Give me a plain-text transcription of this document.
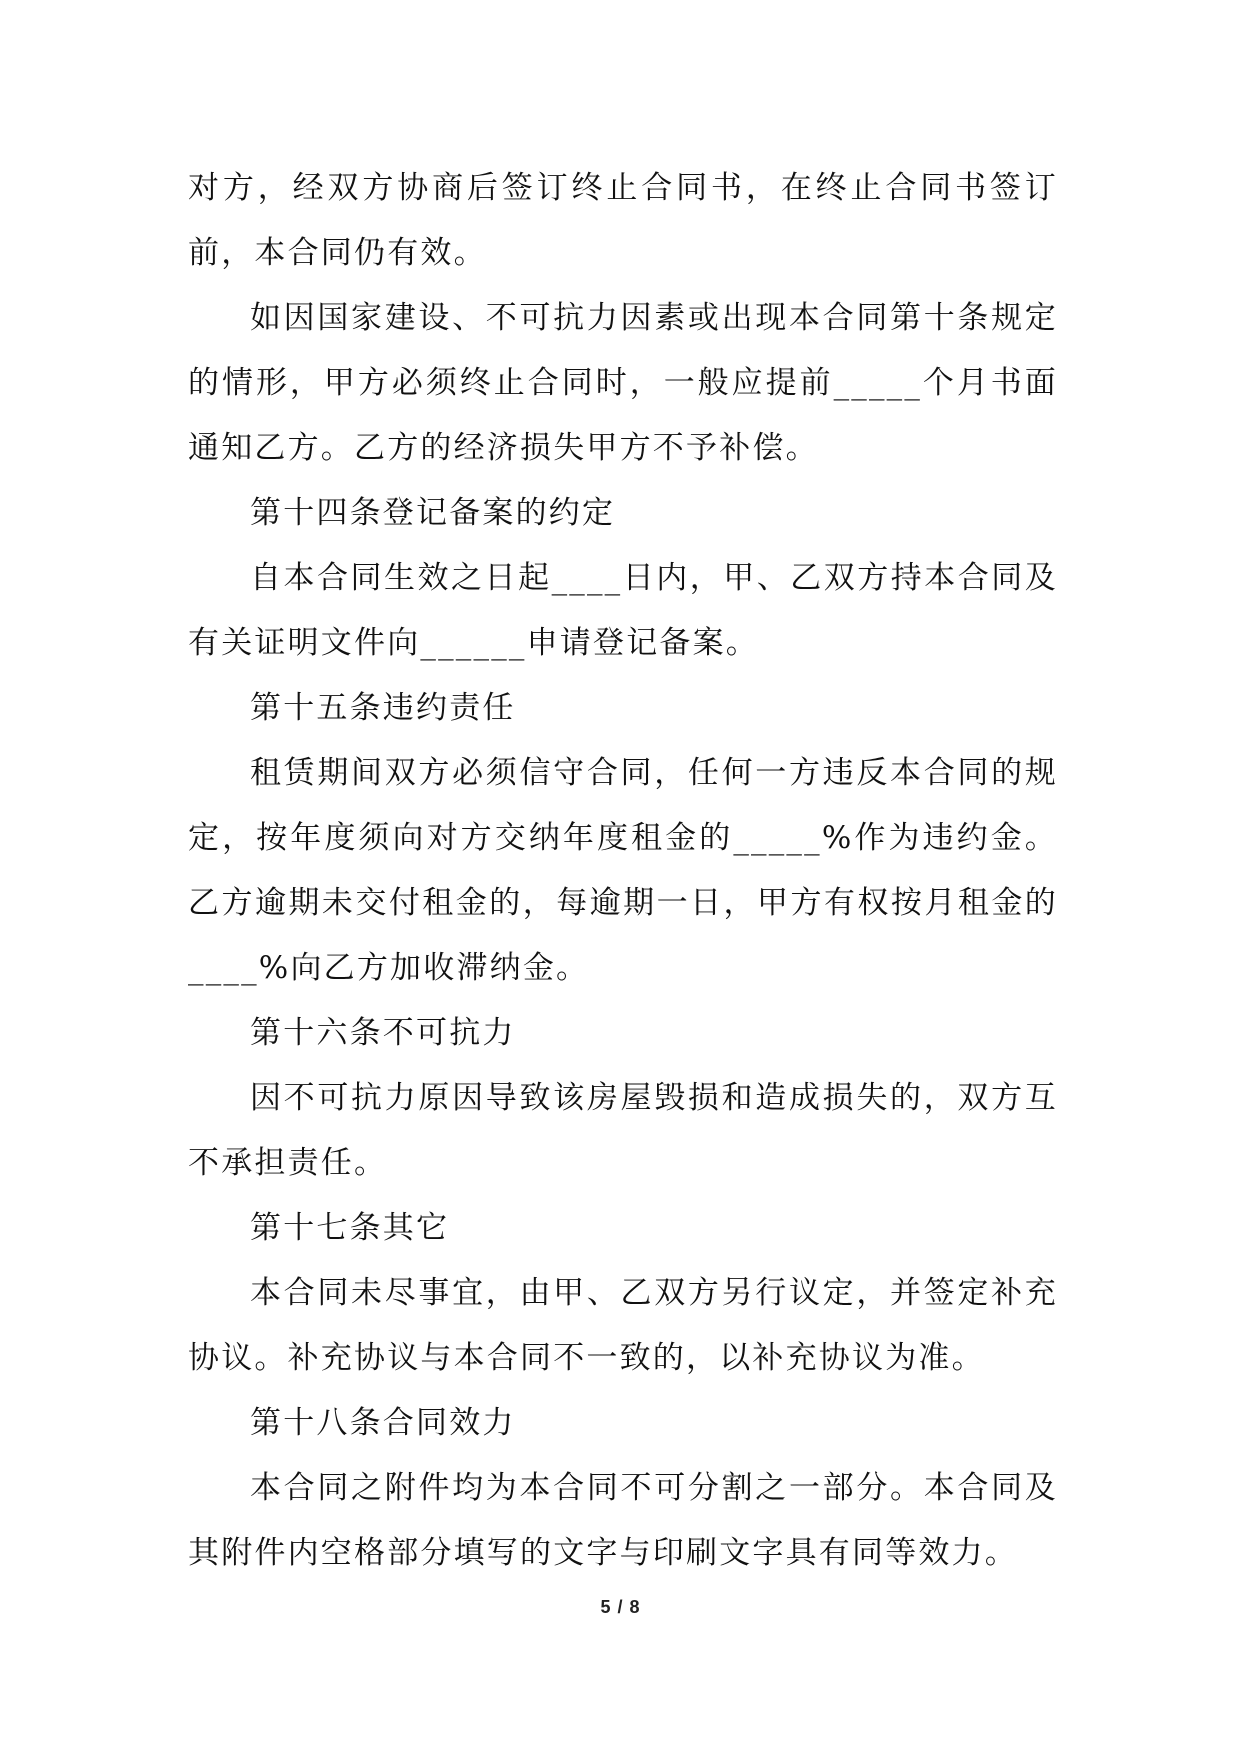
对方，经双方协商后签订终止合同书，在终止合同书签订前，本合同仍有效。

如因国家建设、不可抗力因素或出现本合同第十条规定的情形，甲方必须终止合同时，一般应提前_____个月书面通知乙方。乙方的经济损失甲方不予补偿。

第十四条登记备案的约定

自本合同生效之日起____日内，甲、乙双方持本合同及有关证明文件向______申请登记备案。

第十五条违约责任

租赁期间双方必须信守合同，任何一方违反本合同的规定，按年度须向对方交纳年度租金的_____%作为违约金。乙方逾期未交付租金的，每逾期一日，甲方有权按月租金的____%向乙方加收滞纳金。

第十六条不可抗力

因不可抗力原因导致该房屋毁损和造成损失的，双方互不承担责任。

第十七条其它

本合同未尽事宜，由甲、乙双方另行议定，并签定补充协议。补充协议与本合同不一致的，以补充协议为准。

第十八条合同效力

本合同之附件均为本合同不可分割之一部分。本合同及其附件内空格部分填写的文字与印刷文字具有同等效力。

5 / 8
